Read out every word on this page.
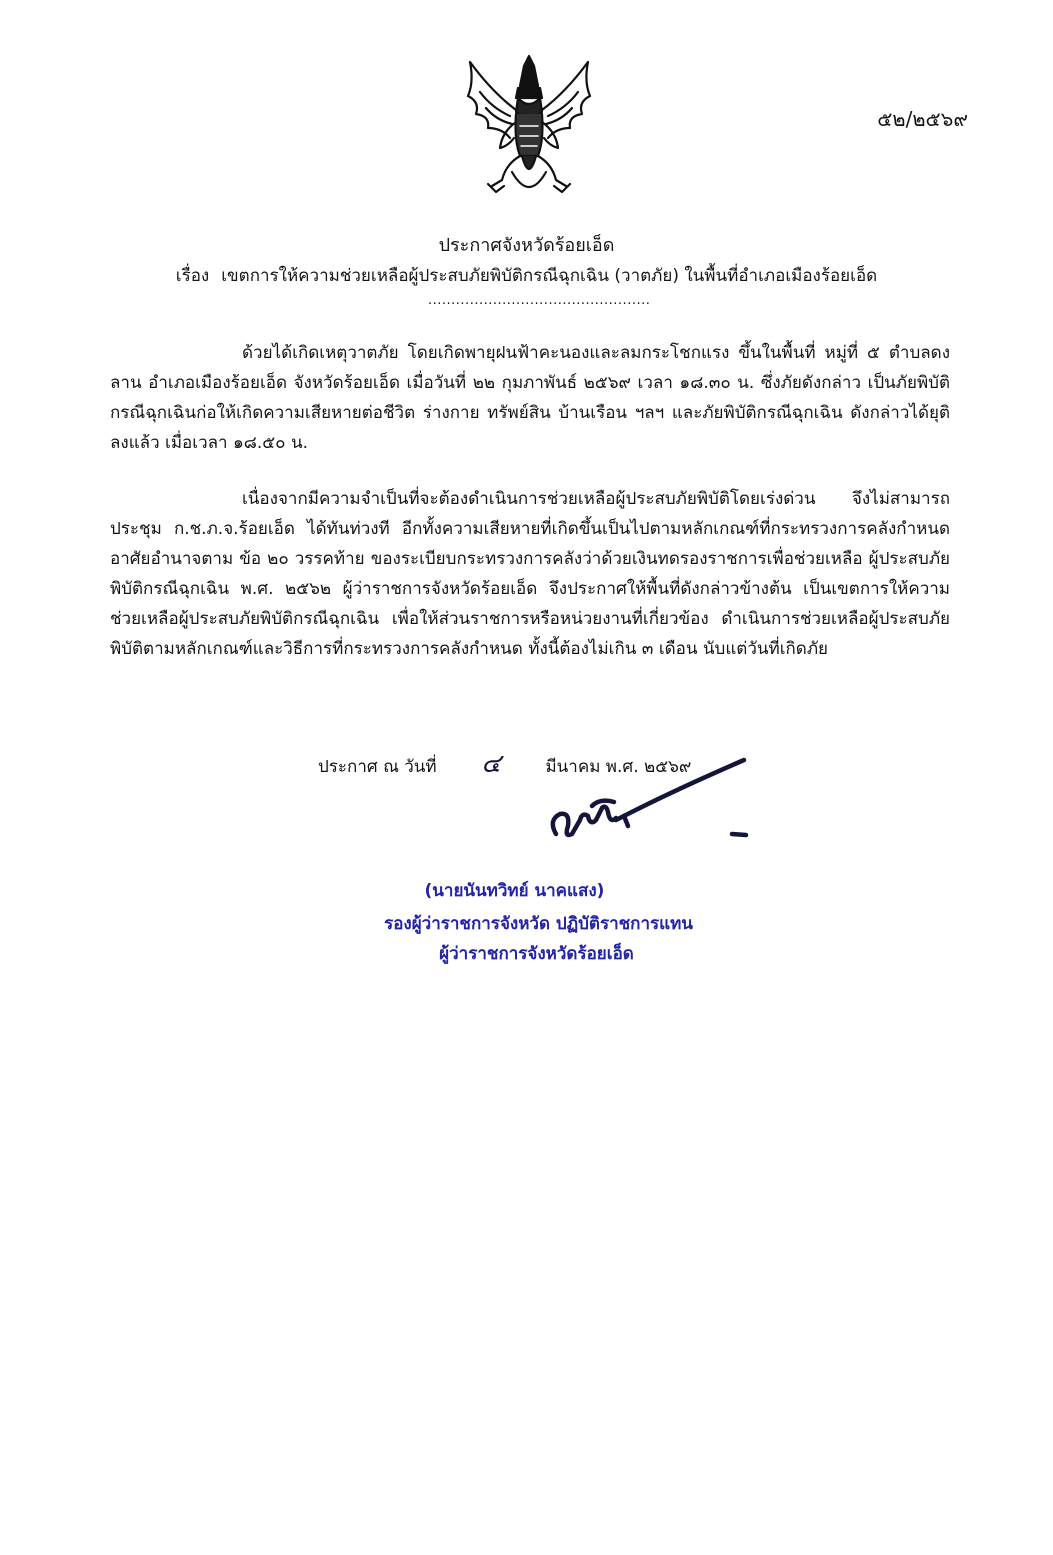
๕๒/๒๕๖๙
ประกาศจังหวัดร้อยเอ็ด
เรื่อง เขตการให้ความช่วยเหลือผู้ประสบภัยพิบัติกรณีฉุกเฉิน (วาตภัย) ในพื้นที่อำเภอเมืองร้อยเอ็ด
................................................

ด้วยได้เกิดเหตุวาตภัย โดยเกิดพายุฝนฟ้าคะนองและลมกระโชกแรง ขึ้นในพื้นที่ หมู่ที่ ๕ ตำบลดงลาน อำเภอเมืองร้อยเอ็ด จังหวัดร้อยเอ็ด เมื่อวันที่ ๒๒ กุมภาพันธ์ ๒๕๖๙ เวลา ๑๘.๓๐ น. ซึ่งภัยดังกล่าว เป็นภัยพิบัติกรณีฉุกเฉินก่อให้เกิดความเสียหายต่อชีวิต ร่างกาย ทรัพย์สิน บ้านเรือน ฯลฯ และภัยพิบัติกรณีฉุกเฉิน ดังกล่าวได้ยุติลงแล้ว เมื่อเวลา ๑๘.๕๐ น.

เนื่องจากมีความจำเป็นที่จะต้องดำเนินการช่วยเหลือผู้ประสบภัยพิบัติโดยเร่งด่วน จึงไม่สามารถ ประชุม ก.ช.ภ.จ.ร้อยเอ็ด ได้ทันท่วงที อีกทั้งความเสียหายที่เกิดขึ้นเป็นไปตามหลักเกณฑ์ที่กระทรวงการคลังกำหนด อาศัยอำนาจตาม ข้อ ๒๐ วรรคท้าย ของระเบียบกระทรวงการคลังว่าด้วยเงินทดรองราชการเพื่อช่วยเหลือ ผู้ประสบภัยพิบัติกรณีฉุกเฉิน พ.ศ. ๒๕๖๒ ผู้ว่าราชการจังหวัดร้อยเอ็ด จึงประกาศให้พื้นที่ดังกล่าวข้างต้น เป็นเขตการให้ความช่วยเหลือผู้ประสบภัยพิบัติกรณีฉุกเฉิน เพื่อให้ส่วนราชการหรือหน่วยงานที่เกี่ยวข้อง ดำเนินการช่วยเหลือผู้ประสบภัยพิบัติตามหลักเกณฑ์และวิธีการที่กระทรวงการคลังกำหนด ทั้งนี้ต้องไม่เกิน ๓ เดือน นับแต่วันที่เกิดภัย

ประกาศ ณ วันที่ ๔	มีนาคม พ.ศ. ๒๕๖๙
(นายนันทวิทย์ นาคแสง)
รองผู้ว่าราชการจังหวัด ปฏิบัติราชการแทน
ผู้ว่าราชการจังหวัดร้อยเอ็ด
